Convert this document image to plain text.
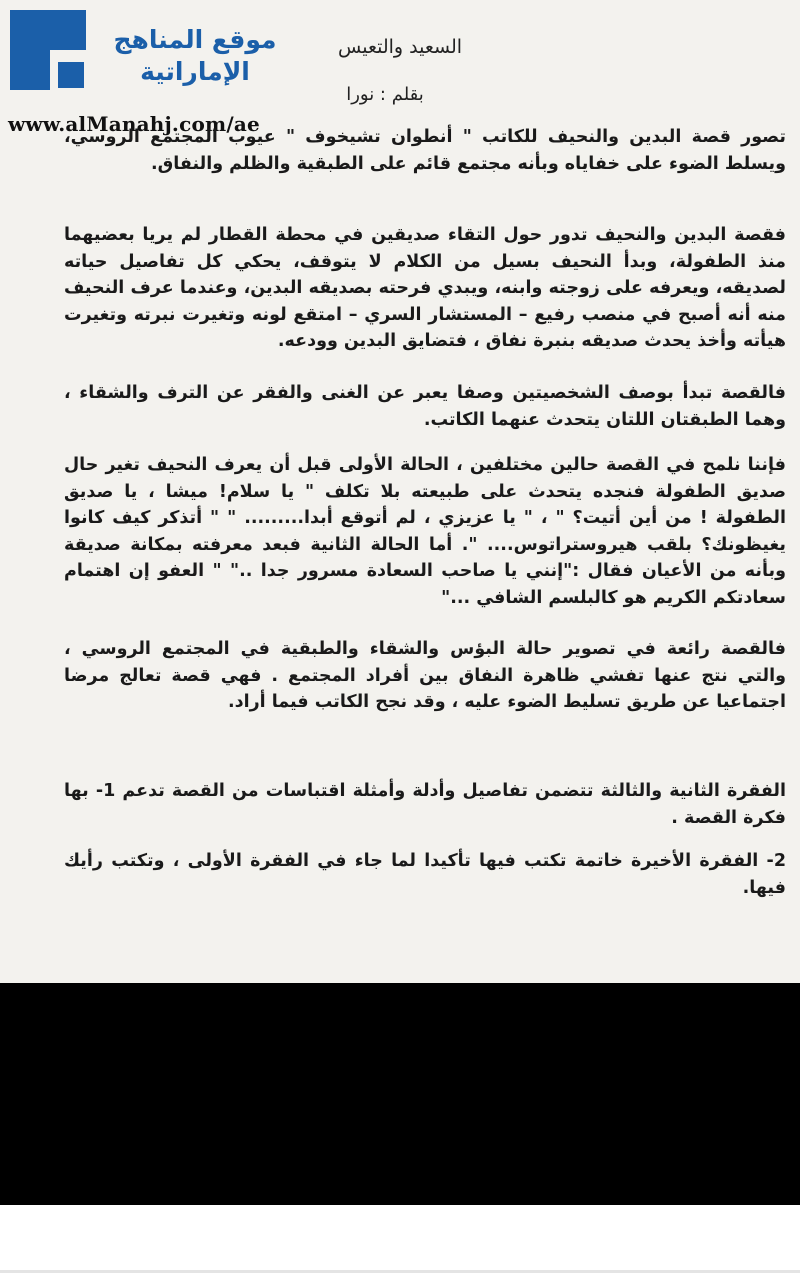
موقع المناهج الإماراتية
www.alManahj.com/ae
السعيد والتعيس
بقلم : نورا

تصور قصة البدين والنحيف للكاتب " أنطوان تشيخوف " عيوب المجتمع الروسي، ويسلط الضوء على خفاياه وبأنه مجتمع قائم على الطبقية والظلم والنفاق.

فقصة البدين والنحيف تدور حول التقاء صديقين في محطة القطار لم يريا بعضيهما منذ الطفولة، وبدأ النحيف بسيل من الكلام لا يتوقف، يحكي كل تفاصيل حياته لصديقه، ويعرفه على زوجته وابنه، ويبدي فرحته بصديقه البدين، وعندما عرف النحيف منه أنه أصبح في منصب رفيع – المستشار السري – امتقع لونه وتغيرت نبرته وتغيرت هيأته وأخذ يحدث صديقه بنبرة نفاق ، فتضايق البدين وودعه.

فالقصة تبدأ بوصف الشخصيتين وصفا يعبر عن الغنى والفقر عن الترف والشقاء ، وهما الطبقتان اللتان يتحدث عنهما الكاتب.

فإننا نلمح في القصة حالين مختلفين ، الحالة الأولى قبل أن يعرف النحيف تغير حال صديق الطفولة فنجده يتحدث على طبيعته بلا تكلف " يا سلام! ميشا ، يا صديق الطفولة ! من أين أتيت؟ " ، " يا عزيزي ، لم أتوقع أبدا......... " " أتذكر كيف كانوا يغيظونك؟ بلقب هيروستراتوس.... ". أما الحالة الثانية فبعد معرفته بمكانة صديقة وبأنه من الأعيان فقال :"إنني يا صاحب السعادة مسرور جدا .." " العفو إن اهتمام سعادتكم الكريم هو كالبلسم الشافي ..."

فالقصة رائعة في تصوير حالة البؤس والشقاء والطبقية في المجتمع الروسي ، والتي نتج عنها تفشي ظاهرة النفاق بين أفراد المجتمع . فهي قصة تعالج مرضا اجتماعيا عن طريق تسليط الضوء عليه ، وقد نجح الكاتب فيما أراد.

الفقرة الثانية والثالثة تتضمن تفاصيل وأدلة وأمثلة اقتباسات من القصة تدعم 1- بها فكرة القصة .

2- الفقرة الأخيرة خاتمة تكتب فيها تأكيدا لما جاء في الفقرة الأولى ، وتكتب رأيك فيها.
